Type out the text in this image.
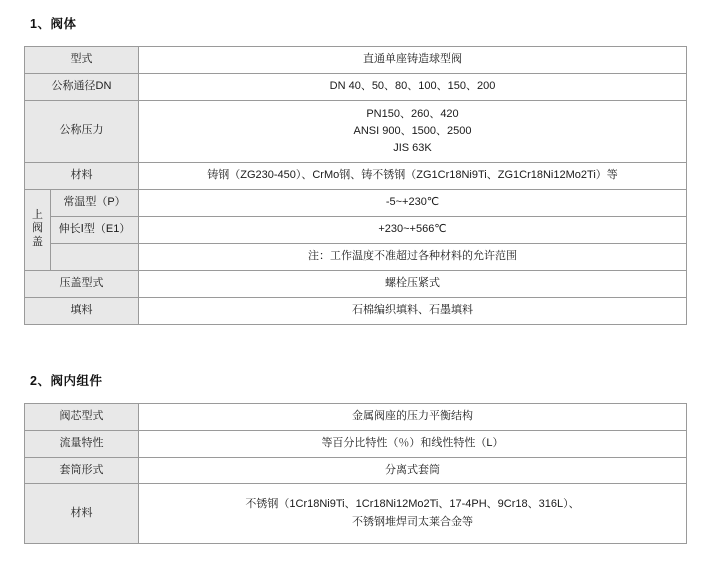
1、阀体
型式		直通单座铸造球型阀
公称通径DN		DN 40、50、80、100、150、200
公称压力		PN150、260、420
ANSI 900、1500、2500
JIS 63K

材料		铸钢（ZG230-450）、CrMo钢、铸不锈钢（ZG1Cr18Ni9Ti、ZG1Cr18Ni12Mo2Ti）等
上阀盖	常温型（P）	-5~+230℃
	伸长Ⅰ型（E1）	+230~+566℃
		注：工作温度不准超过各种材料的允许范围
压盖型式		螺栓压紧式
填料		石棉编织填料、石墨填料
2、阀内组件
阀芯型式	金属阀座的压力平衡结构
流量特性	等百分比特性（％）和线性特性（L）
套筒形式	分离式套筒
材料	不锈钢（1Cr18Ni9Ti、1Cr18Ni12Mo2Ti、17-4PH、9Cr18、316L）、
不锈钢堆焊司太莱合金等
